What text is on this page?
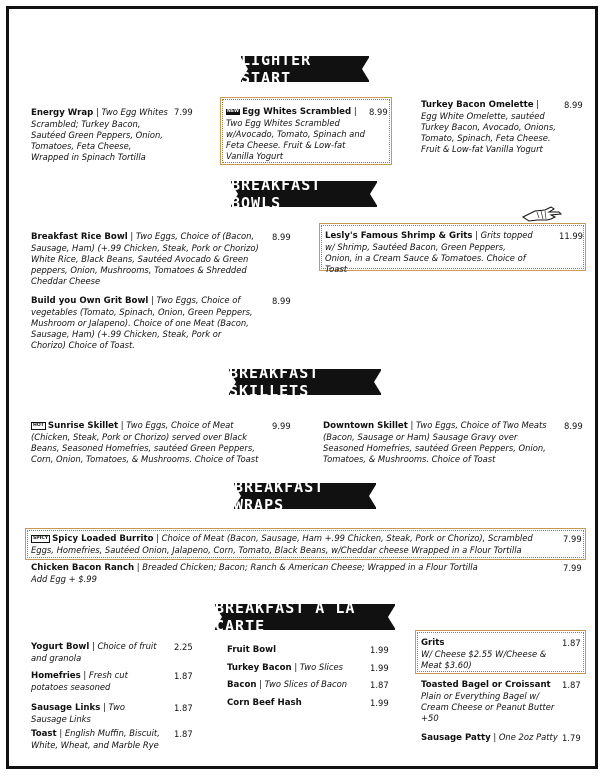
LIGHTER START
Energy Wrap | Two Egg Whites Scrambled; Turkey Bacon, Sautéed Green Peppers, Onion, Tomatoes, Feta Cheese, Wrapped in Spinach Tortilla
7.99	NEW Egg Whites Scrambled | Two Egg Whites Scrambled w/Avocado, Tomato, Spinach and Feta Cheese. Fruit & Low-fat Vanilla Yogurt
8.99
Turkey Bacon Omelette | Egg White Omelette, sautéed Turkey Bacon, Avocado, Onions, Tomato, Spinach, Feta Cheese. Fruit & Low-fat Vanilla Yogurt
8.99
BREAKFAST BOWLS
Breakfast Rice Bowl | Two Eggs, Choice of (Bacon, Sausage, Ham) (+.99 Chicken, Steak, Pork or Chorizo) White Rice, Black Beans, Sautéed Avocado & Green peppers, Onion, Mushrooms, Tomatoes & Shredded Cheddar Cheese
8.99
Build you Own Grit Bowl | Two Eggs, Choice of vegetables (Tomato, Spinach, Onion, Green Peppers, Mushroom or Jalapeno). Choice of one Meat (Bacon, Sausage, Ham) (+.99 Chicken, Steak, Pork or Chorizo) Choice of Toast.
8.99
Lesly's Famous Shrimp & Grits | Grits topped w/ Shrimp, Sautéed Bacon, Green Peppers, Onion, in a Cream Sauce & Tomatoes. Choice of Toast
11.99
BREAKFAST SKILLETS
HOT Sunrise Skillet | Two Eggs, Choice of Meat (Chicken, Steak, Pork or Chorizo) served over Black Beans, Seasoned Homefries, sautéed Green Peppers, Corn, Onion, Tomatoes, & Mushrooms. Choice of Toast
9.99	Downtown Skillet | Two Eggs, Choice of Two Meats (Bacon, Sausage or Ham) Sausage Gravy over Seasoned Homefries, sautéed Green Peppers, Onion, Tomatoes, & Mushrooms. Choice of Toast
8.99
BREAKFAST WRAPS
SPICY Spicy Loaded Burrito | Choice of Meat (Bacon, Sausage, Ham +.99 Chicken, Steak, Pork or Chorizo), Scrambled Eggs, Homefries, Sautéed Onion, Jalapeno, Corn, Tomato, Black Beans, w/Cheddar cheese Wrapped in a Flour Tortilla
7.99
Chicken Bacon Ranch | Breaded Chicken; Bacon; Ranch & American Cheese; Wrapped in a Flour Tortilla
Add Egg + $.99
7.99
BREAKFAST À LA CARTE
Yogurt Bowl | Choice of fruit and granola
2.25
Homefries | Fresh cut potatoes seasoned
1.87
Sausage Links | Two Sausage Links
1.87
Toast | English Muffin, Biscuit, White, Wheat, and Marble Rye
1.87
Fruit Bowl	1.99
Turkey Bacon | Two Slices	1.99
Bacon | Two Slices of Bacon	1.87
Corn Beef Hash	1.99
Grits
W/ Cheese $2.55 W/Cheese & Meat $3.60)
1.87
Toasted Bagel or Croissant
Plain or Everything Bagel w/ Cream Cheese or Peanut Butter +50
1.87
Sausage Patty | One 2oz Patty 1.79
